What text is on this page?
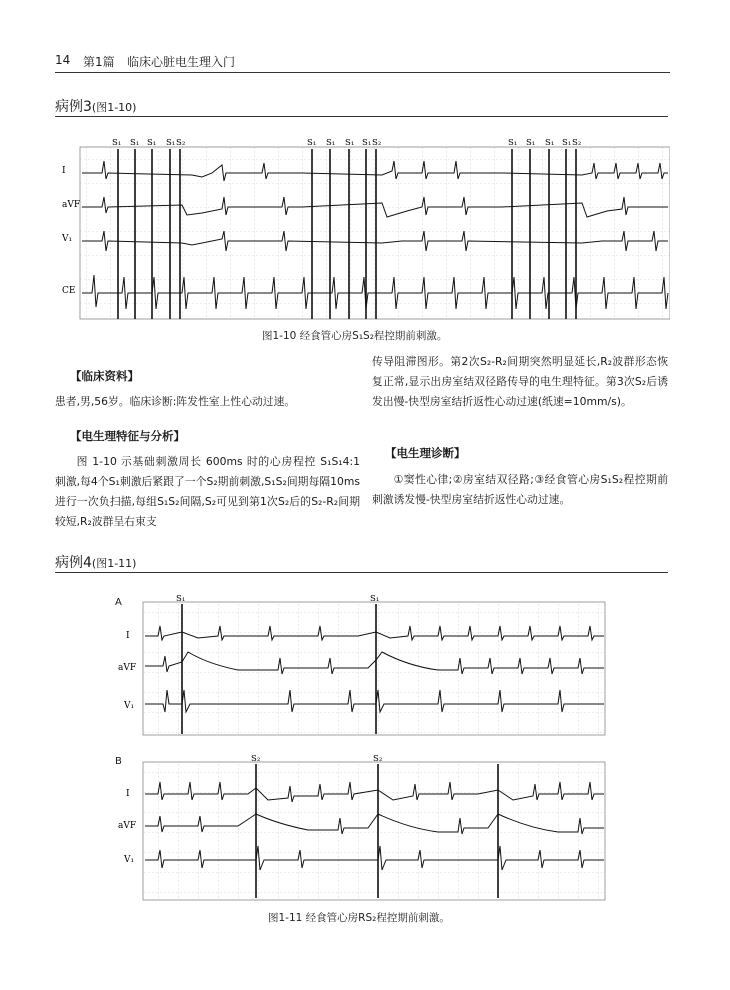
14 第1篇 临床心脏电生理入门
病例3(图1-10)
S₁ S₁ S₁ S₁ S₂	S₁ S₁ S₁ S₁ S₂	S₁ S₁ S₁ S₁ S₂
I
aVF
V₁
CE
图1-10 经食管心房S₁S₂程控期前刺激。
【临床资料】
患者,男,56岁。临床诊断:阵发性室上性心动过速。
【电生理特征与分析】
图 1-10 示基础刺激周长 600ms 时的心房程控 S₁S₁4:1 刺激,每4个S₁刺激后紧跟了一个S₂期前刺激,S₁S₂间期每隔10ms进行一次负扫描,每组S₁S₂间隔,S₂可见到第1次S₂后的S₂-R₂间期较短,R₂波群呈右束支
传导阻滞图形。第2次S₂-R₂间期突然明显延长,R₂波群形态恢复正常,显示出房室结双径路传导的电生理特征。第3次S₂后诱发出慢-快型房室结折返性心动过速(纸速=10mm/s)。
【电生理诊断】
①窦性心律;②房室结双径路;③经食管心房S₁S₂程控期前刺激诱发慢-快型房室结折返性心动过速。
病例4(图1-11)
A	S₁	S₁
I
aVF
V₁
B	S₂	S₂
I
aVF
V₁
图1-11 经食管心房RS₂程控期前刺激。
